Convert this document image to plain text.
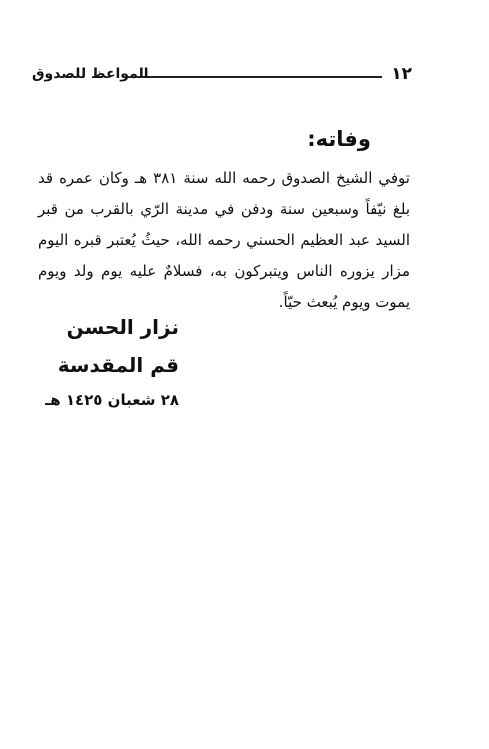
١٢
المواعظ للصدوق
وفاته:

توفي الشيخ الصدوق رحمه الله سنة ٣٨١ هـ وكان عمره قد بلغ نيّفاً وسبعين سنة ودفن في مدينة الرّي بالقرب من قبر السيد عبد العظيم الحسني رحمه الله، حيثُ يُعتبر قبره اليوم مزار يزوره الناس ويتبركون به، فسلامٌ عليه يوم ولد ويوم يموت ويوم يُبعث حيّاً.

نزار الحسن
قم المقدسة
٢٨ شعبان ١٤٢٥ هـ
